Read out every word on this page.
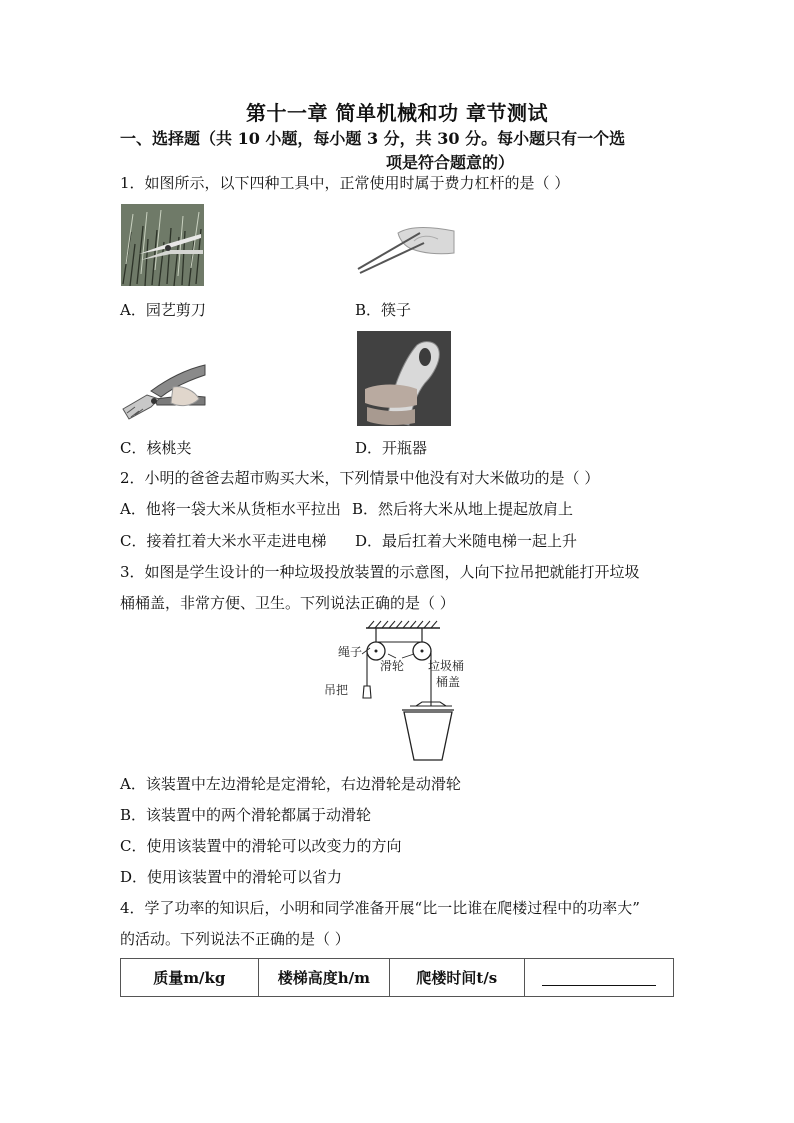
第十一章 简单机械和功 章节测试
一、选择题（共 10 小题，每小题 3 分，共 30 分。每小题只有一个选
项是符合题意的）
1．如图所示，以下四种工具中，正常使用时属于费力杠杆的是（ ）
A．园艺剪刀	B．筷子
C．核桃夹	D．开瓶器
2．小明的爸爸去超市购买大米，下列情景中他没有对大米做功的是（ ）
A．他将一袋大米从货柜水平拉出 B．然后将大米从地上提起放肩上
C．接着扛着大米水平走进电梯 D．最后扛着大米随电梯一起上升
3．如图是学生设计的一种垃圾投放装置的示意图，人向下拉吊把就能打开垃圾
桶桶盖，非常方便、卫生。下列说法正确的是（ ）
绳子
滑轮
吊把
垃圾桶
桶盖
A．该装置中左边滑轮是定滑轮，右边滑轮是动滑轮
B．该装置中的两个滑轮都属于动滑轮
C．使用该装置中的滑轮可以改变力的方向
D．使用该装置中的滑轮可以省力
4．学了功率的知识后，小明和同学准备开展“比一比谁在爬楼过程中的功率大”
的活动。下列说法不正确的是（ ）
质量m/kg	楼梯高度h/m	爬楼时间t/s	
